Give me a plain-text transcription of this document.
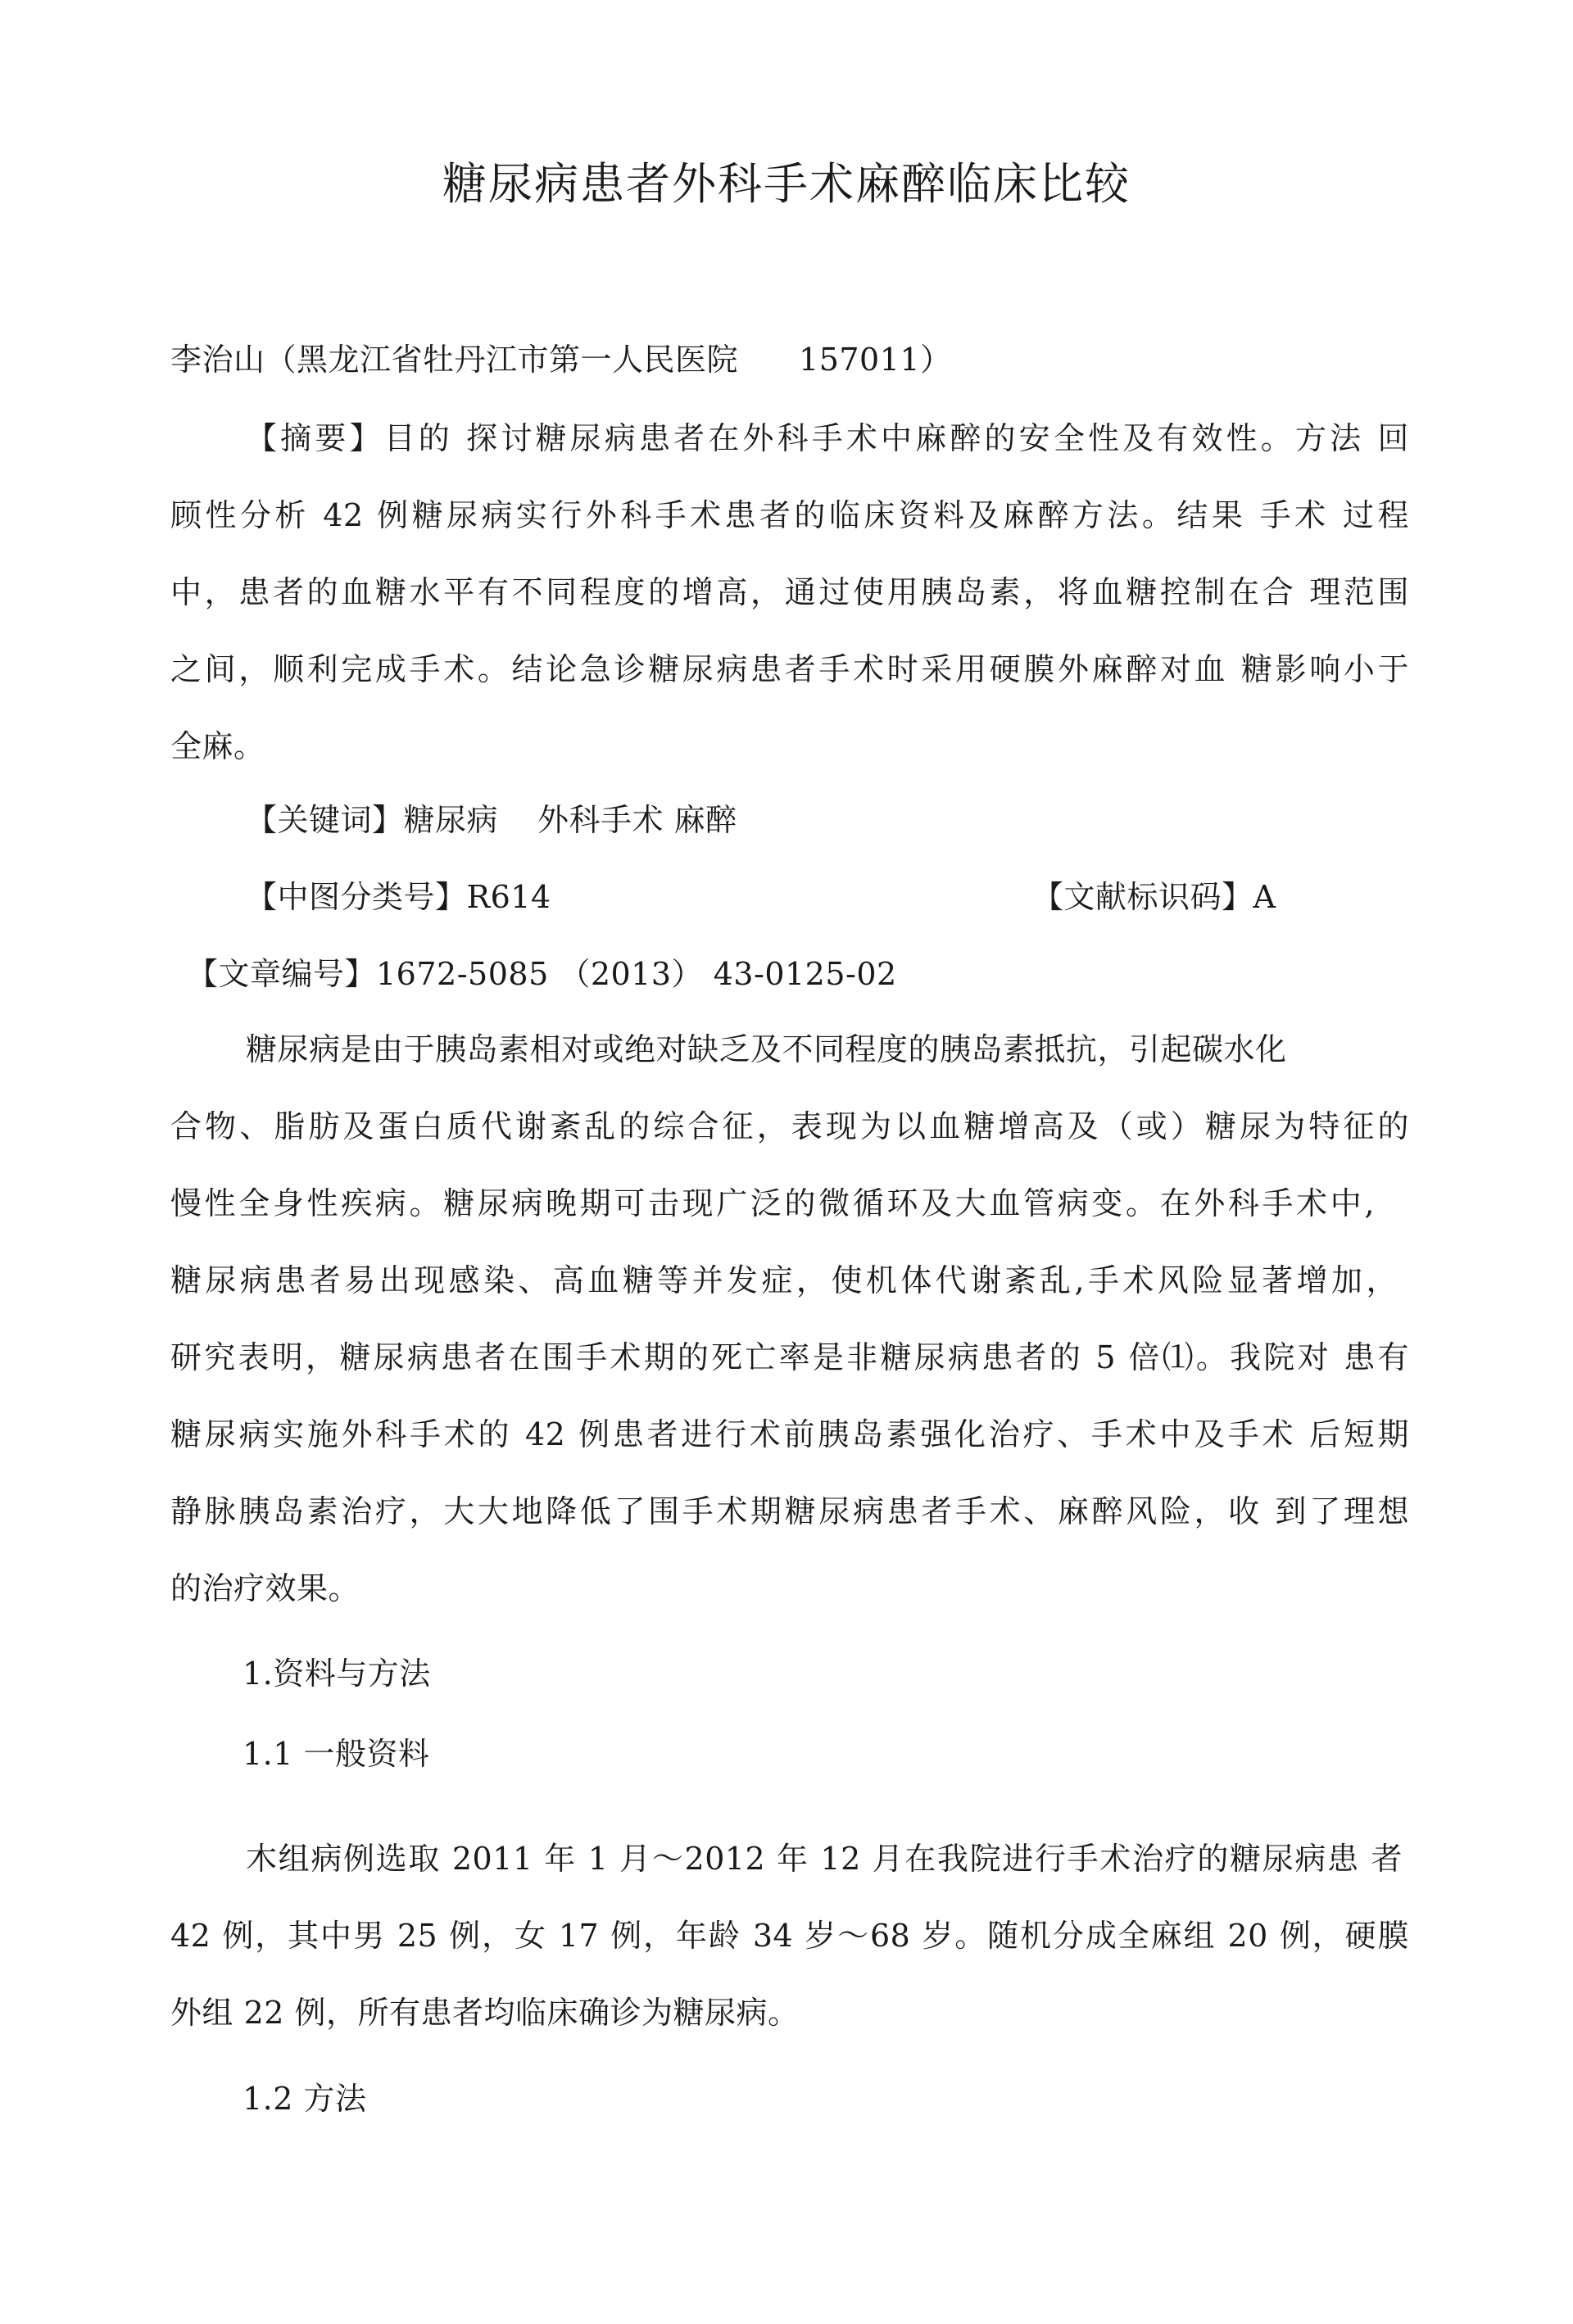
糖尿病患者外科手术麻醉临床比较
李治山（黑龙江省牡丹江市第一人民医院 157011）
【摘要】目的 探讨糖尿病患者在外科手术中麻醉的安全性及有效性。方法 回
顾性分析 42 例糖尿病实行外科手术患者的临床资料及麻醉方法。结果 手术 过程
中，患者的血糖水平有不同程度的增高，通过使用胰岛素，将血糖控制在合 理范围
之间，顺利完成手术。结论急诊糖尿病患者手术时采用硬膜外麻醉对血 糖影响小于
全麻。
【关键词】糖尿病 外科手术 麻醉
【中图分类号】R614	【文献标识码】A
【文章编号】1672-5085 （2013） 43-0125-02
糖尿病是由于胰岛素相对或绝对缺乏及不同程度的胰岛素抵抗，引起碳水化
合物、脂肪及蛋白质代谢紊乱的综合征，表现为以血糖增高及（或）糖尿为特征的
慢性全身性疾病。糖尿病晚期可击现广泛的微循环及大血管病变。在外科手术中,
糖尿病患者易出现感染、高血糖等并发症，使机体代谢紊乱,手术风险显著增加，
研究表明，糖尿病患者在围手术期的死亡率是非糖尿病患者的 5 倍⑴。我院对 患有
糖尿病实施外科手术的 42 例患者进行术前胰岛素强化治疗、手术中及手术 后短期
静脉胰岛素治疗，大大地降低了围手术期糖尿病患者手术、麻醉风险，收 到了理想
的治疗效果。
1.资料与方法
1.1 一般资料
木组病例选取 2011 年 1 月〜2012 年 12 月在我院进行手术治疗的糖尿病患 者
42 例，其中男 25 例，女 17 例，年龄 34 岁〜68 岁。随机分成全麻组 20 例，硬膜
外组 22 例，所有患者均临床确诊为糖尿病。
1.2 方法
